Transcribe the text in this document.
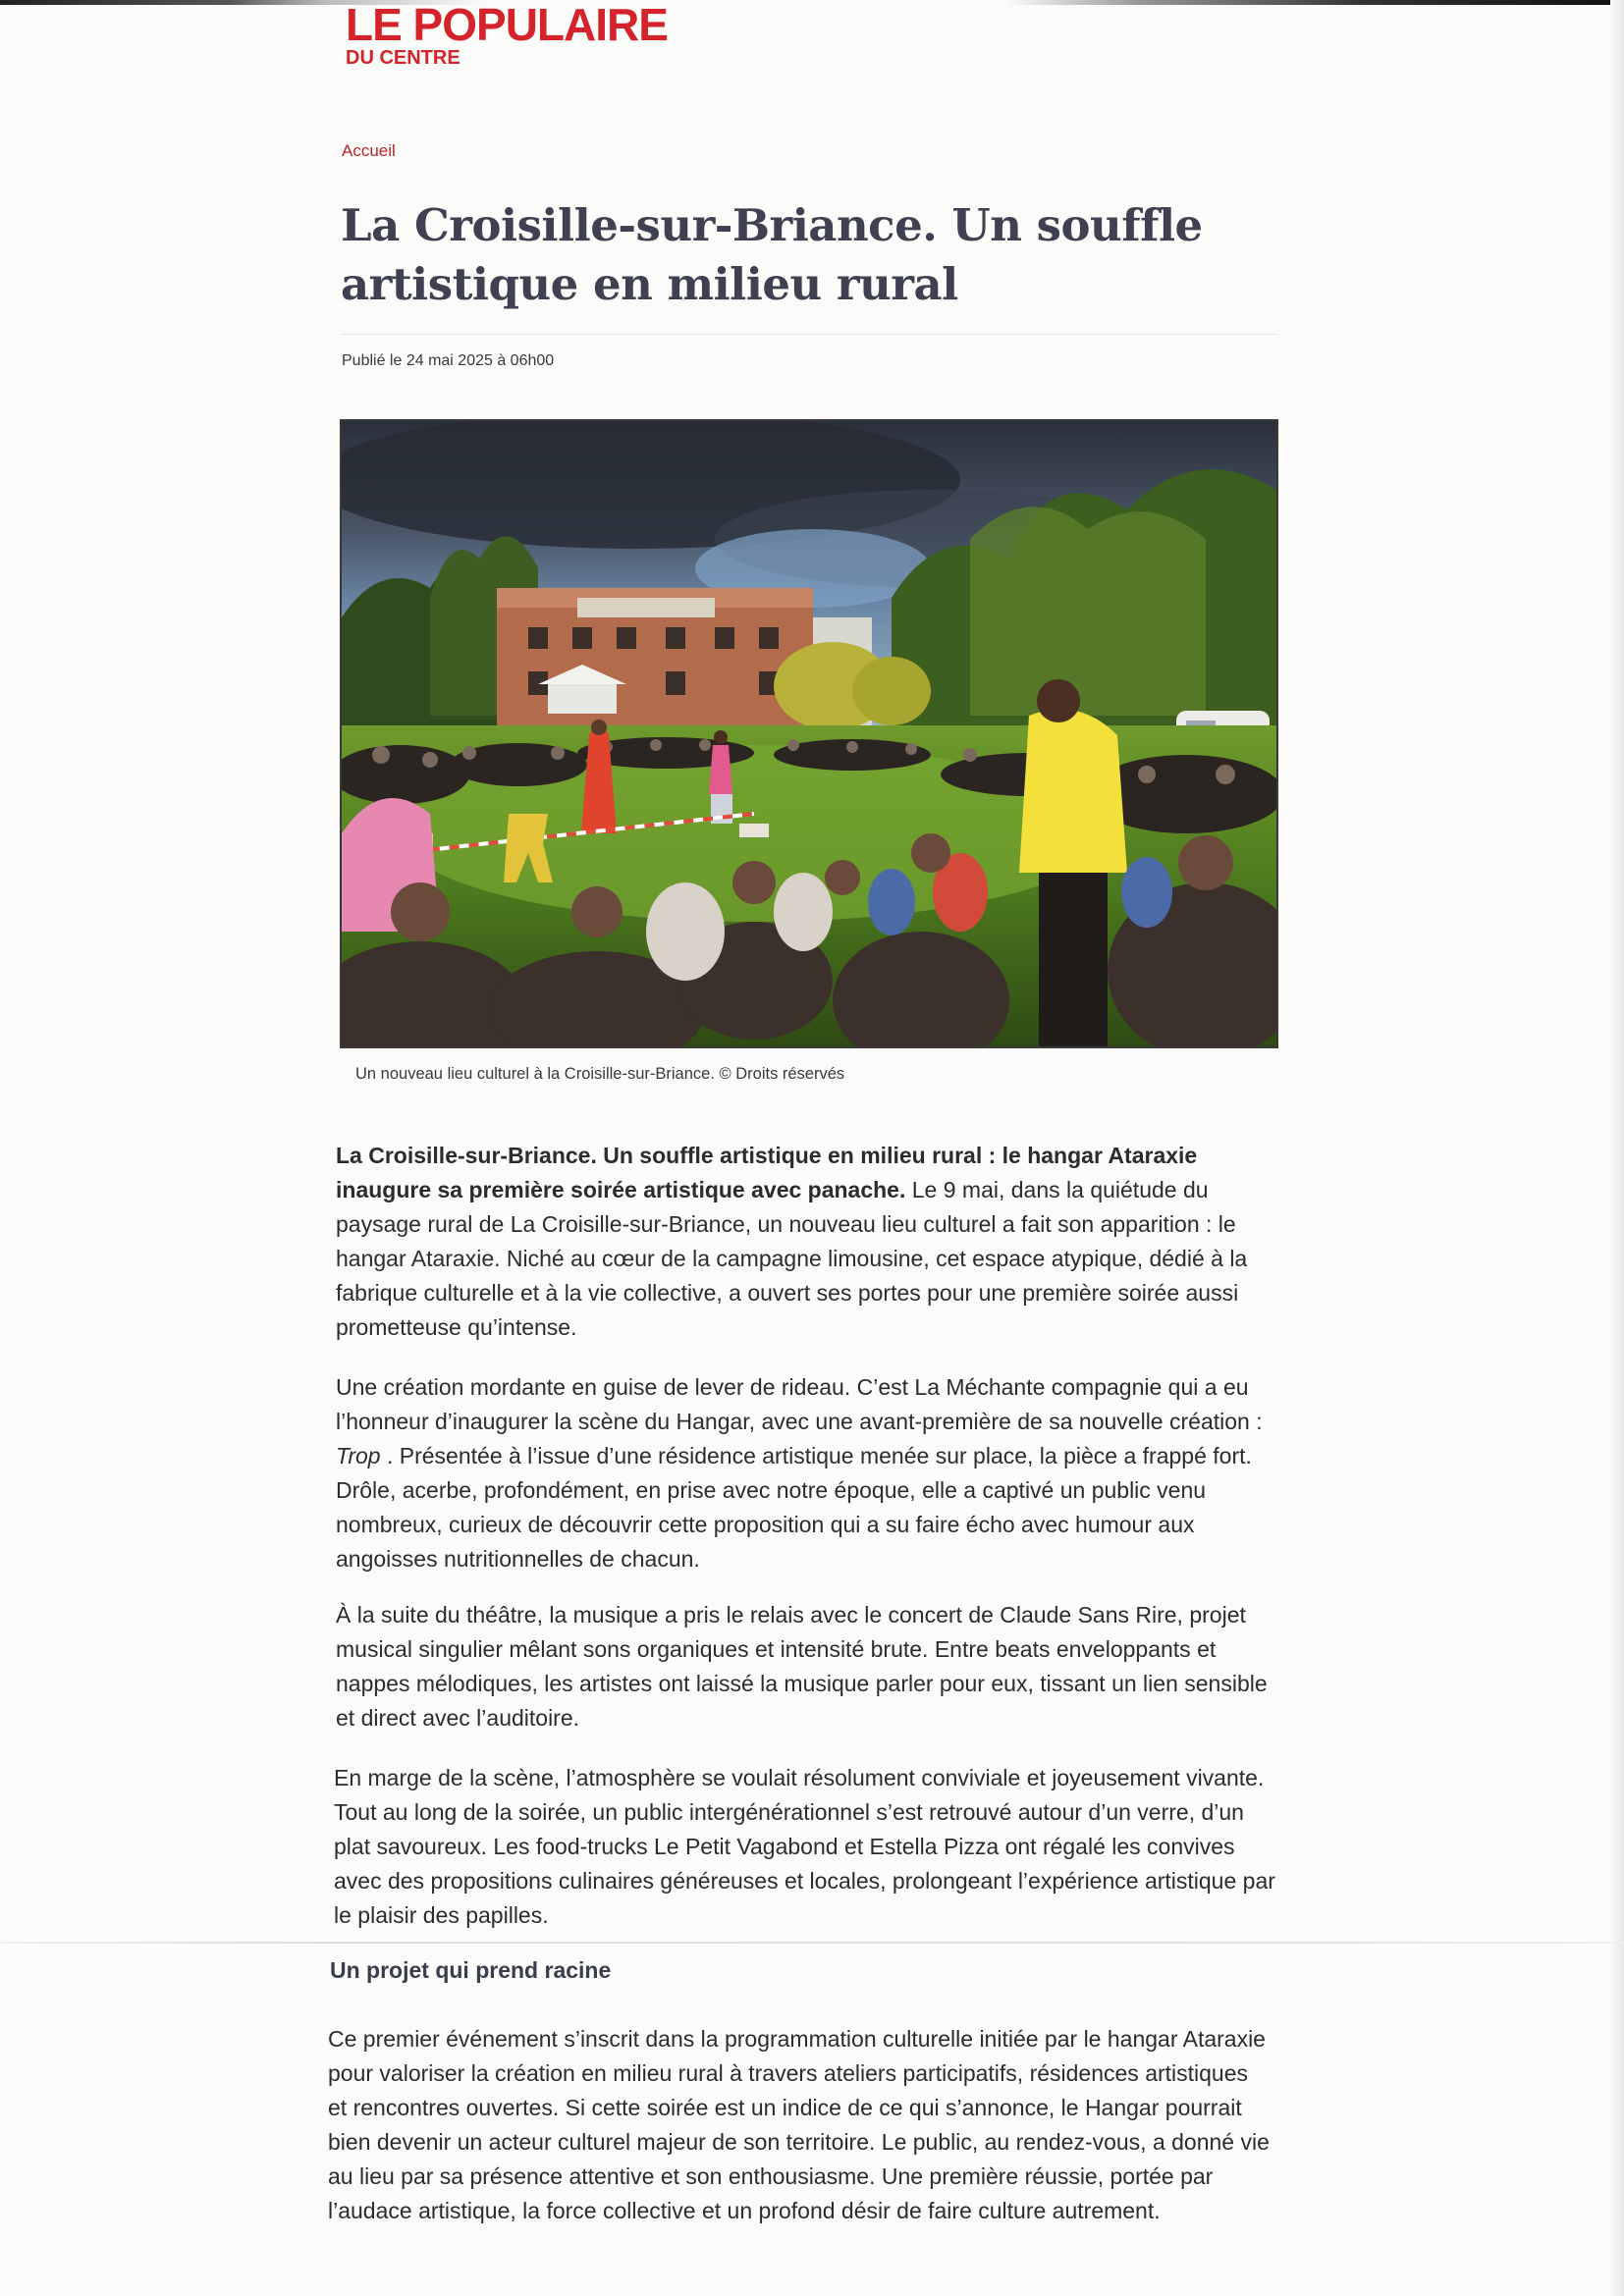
LE POPULAIRE
DU CENTRE
Accueil
La Croisille-sur-Briance. Un souffle artistique en milieu rural
Publié le 24 mai 2025 à 06h00
Un nouveau lieu culturel à la Croisille-sur-Briance. © Droits réservés

La Croisille-sur-Briance. Un souffle artistique en milieu rural : le hangar Ataraxie inaugure sa première soirée artistique avec panache. Le 9 mai, dans la quiétude du paysage rural de La Croisille-sur-Briance, un nouveau lieu culturel a fait son apparition : le hangar Ataraxie. Niché au cœur de la campagne limousine, cet espace atypique, dédié à la fabrique culturelle et à la vie collective, a ouvert ses portes pour une première soirée aussi prometteuse qu’intense.

Une création mordante en guise de lever de rideau. C’est La Méchante compagnie qui a eu l’honneur d’inaugurer la scène du Hangar, avec une avant-première de sa nouvelle création : Trop . Présentée à l’issue d’une résidence artistique menée sur place, la pièce a frappé fort. Drôle, acerbe, profondément, en prise avec notre époque, elle a captivé un public venu nombreux, curieux de découvrir cette proposition qui a su faire écho avec humour aux angoisses nutritionnelles de chacun.

À la suite du théâtre, la musique a pris le relais avec le concert de Claude Sans Rire, projet musical singulier mêlant sons organiques et intensité brute. Entre beats enveloppants et nappes mélodiques, les artistes ont laissé la musique parler pour eux, tissant un lien sensible et direct avec l’auditoire.

En marge de la scène, l’atmosphère se voulait résolument conviviale et joyeusement vivante. Tout au long de la soirée, un public intergénérationnel s’est retrouvé autour d’un verre, d’un plat savoureux. Les food-trucks Le Petit Vagabond et Estella Pizza ont régalé les convives avec des propositions culinaires généreuses et locales, prolongeant l’expérience artistique par le plaisir des papilles.

Un projet qui prend racine

Ce premier événement s’inscrit dans la programmation culturelle initiée par le hangar Ataraxie pour valoriser la création en milieu rural à travers ateliers participatifs, résidences artistiques et rencontres ouvertes. Si cette soirée est un indice de ce qui s’annonce, le Hangar pourrait bien devenir un acteur culturel majeur de son territoire. Le public, au rendez-vous, a donné vie au lieu par sa présence attentive et son enthousiasme. Une première réussie, portée par l’audace artistique, la force collective et un profond désir de faire culture autrement.
